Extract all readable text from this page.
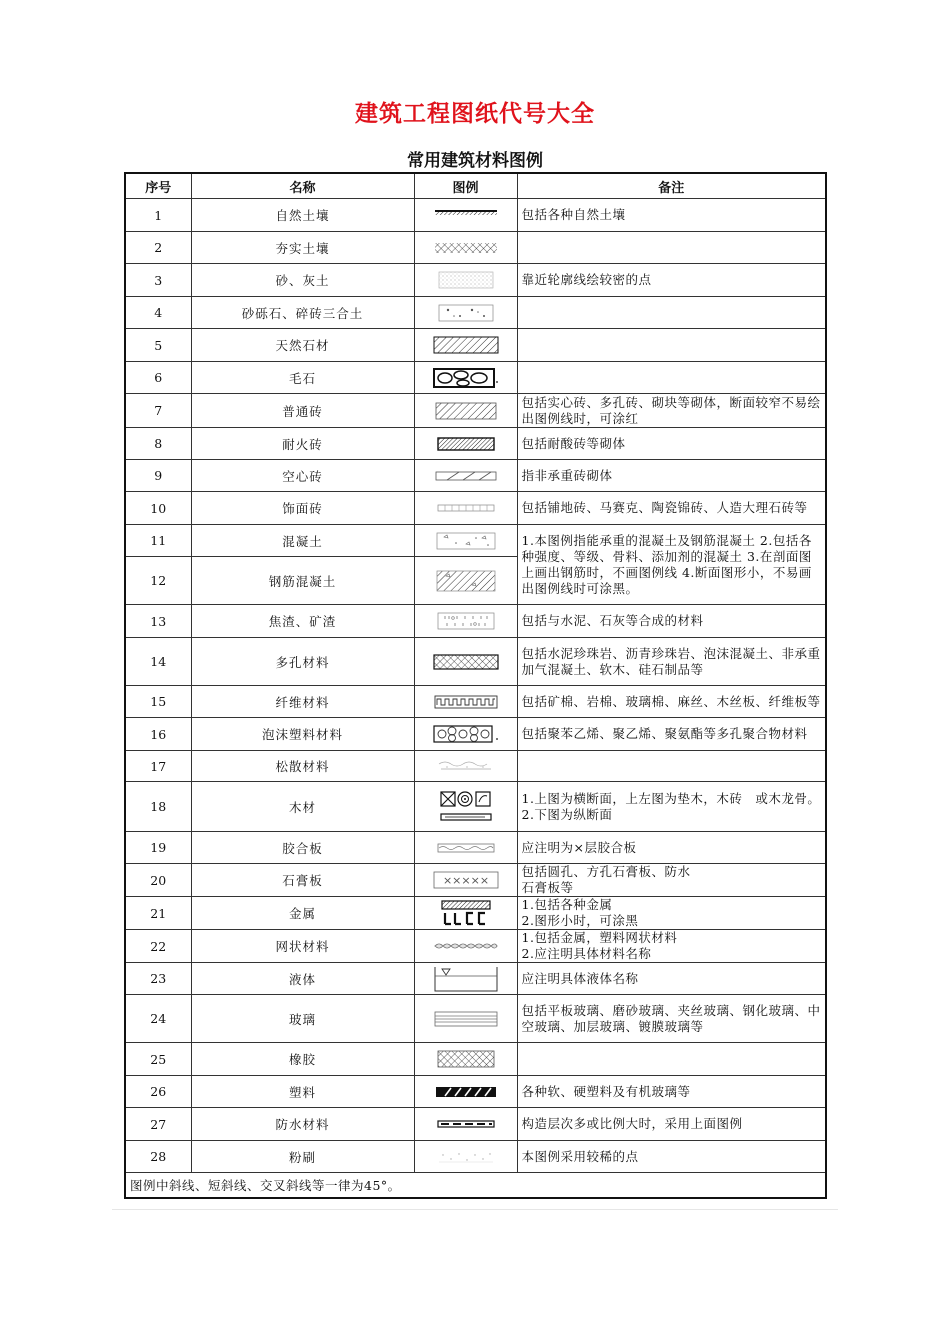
建筑工程图纸代号大全
常用建筑材料图例
序号	名称	图例	备注
1	自然土壤		包括各种自然土壤
2	夯实土壤	

3	砂、灰土		靠近轮廓线绘较密的点
4	砂砾石、碎砖三合土	

5	天然石材	

6	毛石	

7	普通砖		包括实心砖、多孔砖、砌块等砌体，断面较窄不易绘出图例线时，可涂红
8	耐火砖		包括耐酸砖等砌体
9	空心砖		指非承重砖砌体
10	饰面砖		包括铺地砖、马赛克、陶瓷锦砖、人造大理石砖等
11	混凝土		1.本图例指能承重的混凝土及钢筋混凝土 2.包括各种强度、等级、骨料、添加剂的混凝土 3.在剖面图上画出钢筋时，不画图例线 4.断面图形小，不易画出图例线时可涂黑。
12	钢筋混凝土	

13	焦渣、矿渣		包括与水泥、石灰等合成的材料
14	多孔材料		包括水泥珍珠岩、沥青珍珠岩、泡沫混凝土、非承重加气混凝土、软木、硅石制品等
15	纤维材料		包括矿棉、岩棉、玻璃棉、麻丝、木丝板、纤维板等
16	泡沫塑料材料		包括聚苯乙烯、聚乙烯、聚氨酯等多孔聚合物材料
17	松散材料	

18	木材		1.上图为横断面，上左图为垫木，木砖　或木龙骨。
2.下图为纵断面
19	胶合板		应注明为×层胶合板
20	石膏板	×××××	包括圆孔、方孔石膏板、防水
石膏板等
21	金属		1.包括各种金属
2.图形小时，可涂黑
22	网状材料		1.包括金属，塑料网状材料
2.应注明具体材料名称
23	液体		应注明具体液体名称
24	玻璃		包括平板玻璃、磨砂玻璃、夹丝玻璃、钢化玻璃、中空玻璃、加层玻璃、镀膜玻璃等
25	橡胶	

26	塑料		各种软、硬塑料及有机玻璃等
27	防水材料		构造层次多或比例大时，采用上面图例
28	粉刷		本图例采用较稀的点
图例中斜线、短斜线、交叉斜线等一律为45°。			
